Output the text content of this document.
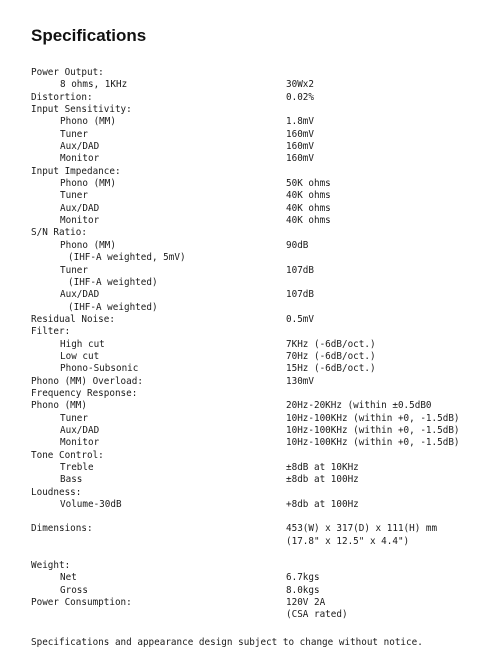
Specifications
Power Output:
8 ohms, 1KHz	30Wx2
Distortion:	0.02%
Input Sensitivity:
Phono (MM)	1.8mV
Tuner	160mV
Aux/DAD	160mV
Monitor	160mV
Input Impedance:
Phono (MM)	50K ohms
Tuner	40K ohms
Aux/DAD	40K ohms
Monitor	40K ohms
S/N Ratio:
Phono (MM)	90dB
(IHF-A weighted, 5mV)
Tuner	107dB
(IHF-A weighted)
Aux/DAD	107dB
(IHF-A weighted)
Residual Noise:	0.5mV
Filter:
High cut	7KHz (-6dB/oct.)
Low cut	70Hz (-6dB/oct.)
Phono-Subsonic	15Hz (-6dB/oct.)
Phono (MM) Overload:	130mV
Frequency Response:
Phono (MM)	20Hz-20KHz (within ±0.5dB0
Tuner	10Hz-100KHz (within +0, -1.5dB)
Aux/DAD	10Hz-100KHz (within +0, -1.5dB)
Monitor	10Hz-100KHz (within +0, -1.5dB)
Tone Control:
Treble	±8dB at 10KHz
Bass	±8db at 100Hz
Loudness:
Volume-30dB	+8db at 100Hz
Dimensions:	453(W) x 317(D) x 111(H) mm
(17.8" x 12.5" x 4.4")
Weight:
Net	6.7kgs
Gross	8.0kgs
Power Consumption:	120V 2A
(CSA rated)
Specifications and appearance design subject to change without notice.
